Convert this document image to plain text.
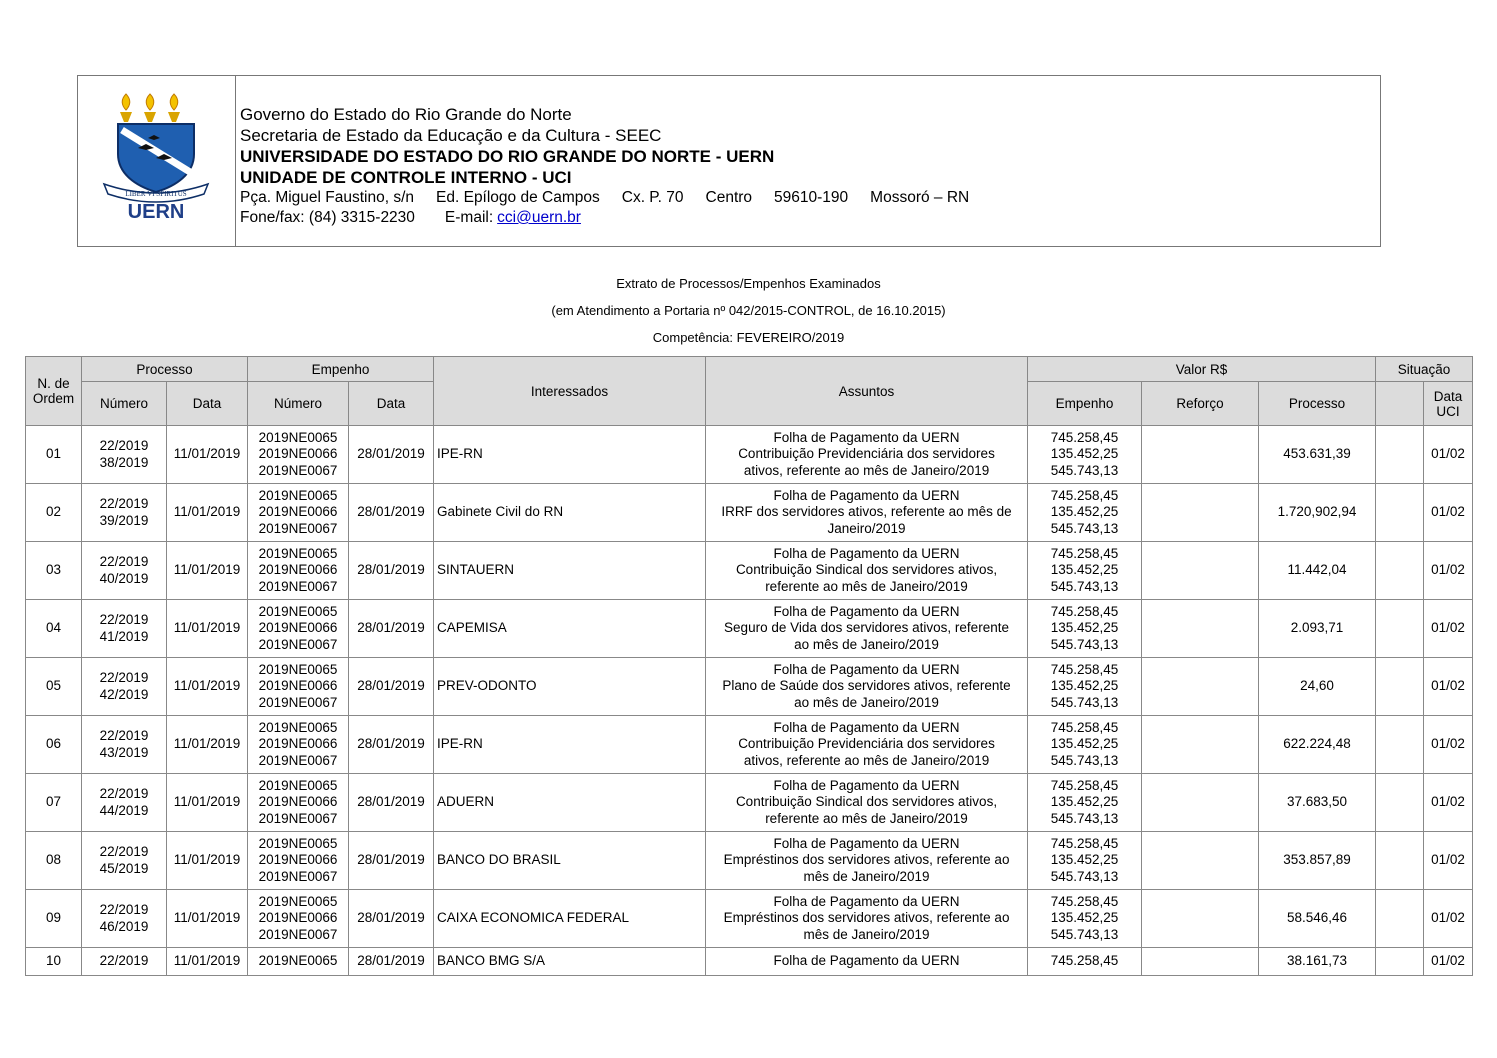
LIBER VI SPIRITUS
UERN
Governo do Estado do Rio Grande do Norte
Secretaria de Estado da Educação e da Cultura - SEEC
UNIVERSIDADE DO ESTADO DO RIO GRANDE DO NORTE - UERN
UNIDADE DE CONTROLE INTERNO - UCI
Pça. Miguel Faustino, s/n Ed. Epílogo de Campos Cx. P. 70 Centro 59610-190 Mossoró – RN
Fone/fax: (84) 3315-2230 E-mail: cci@uern.br
Extrato de Processos/Empenhos Examinados
(em Atendimento a Portaria nº 042/2015-CONTROL, de 16.10.2015)
Competência: FEVEREIRO/2019
N. de
Ordem	Processo		Empenho		Interessados	Assuntos	Valor R$			Situação	
	Número	Data	Número	Data			Empenho	Reforço	Processo		Data
UCI
01	22/2019
38/2019	11/01/2019	2019NE0065
2019NE0066
2019NE0067	28/01/2019	IPE-RN	Folha de Pagamento da UERN
Contribuição Previdenciária dos servidores
ativos, referente ao mês de Janeiro/2019	745.258,45
135.452,25
545.743,13		453.631,39		01/02
02	22/2019
39/2019	11/01/2019	2019NE0065
2019NE0066
2019NE0067	28/01/2019	Gabinete Civil do RN	Folha de Pagamento da UERN
IRRF dos servidores ativos, referente ao mês de
Janeiro/2019	745.258,45
135.452,25
545.743,13		1.720,902,94		01/02
03	22/2019
40/2019	11/01/2019	2019NE0065
2019NE0066
2019NE0067	28/01/2019	SINTAUERN	Folha de Pagamento da UERN
Contribuição Sindical dos servidores ativos,
referente ao mês de Janeiro/2019	745.258,45
135.452,25
545.743,13		11.442,04		01/02
04	22/2019
41/2019	11/01/2019	2019NE0065
2019NE0066
2019NE0067	28/01/2019	CAPEMISA	Folha de Pagamento da UERN
Seguro de Vida dos servidores ativos, referente
ao mês de Janeiro/2019	745.258,45
135.452,25
545.743,13		2.093,71		01/02
05	22/2019
42/2019	11/01/2019	2019NE0065
2019NE0066
2019NE0067	28/01/2019	PREV-ODONTO	Folha de Pagamento da UERN
Plano de Saúde dos servidores ativos, referente
ao mês de Janeiro/2019	745.258,45
135.452,25
545.743,13		24,60		01/02
06	22/2019
43/2019	11/01/2019	2019NE0065
2019NE0066
2019NE0067	28/01/2019	IPE-RN	Folha de Pagamento da UERN
Contribuição Previdenciária dos servidores
ativos, referente ao mês de Janeiro/2019	745.258,45
135.452,25
545.743,13		622.224,48		01/02
07	22/2019
44/2019	11/01/2019	2019NE0065
2019NE0066
2019NE0067	28/01/2019	ADUERN	Folha de Pagamento da UERN
Contribuição Sindical dos servidores ativos,
referente ao mês de Janeiro/2019	745.258,45
135.452,25
545.743,13		37.683,50		01/02
08	22/2019
45/2019	11/01/2019	2019NE0065
2019NE0066
2019NE0067	28/01/2019	BANCO DO BRASIL	Folha de Pagamento da UERN
Empréstinos dos servidores ativos, referente ao
mês de Janeiro/2019	745.258,45
135.452,25
545.743,13		353.857,89		01/02
09	22/2019
46/2019	11/01/2019	2019NE0065
2019NE0066
2019NE0067	28/01/2019	CAIXA ECONOMICA FEDERAL	Folha de Pagamento da UERN
Empréstinos dos servidores ativos, referente ao
mês de Janeiro/2019	745.258,45
135.452,25
545.743,13		58.546,46		01/02
10	22/2019	11/01/2019	2019NE0065	28/01/2019	BANCO BMG S/A	Folha de Pagamento da UERN	745.258,45		38.161,73		01/02
